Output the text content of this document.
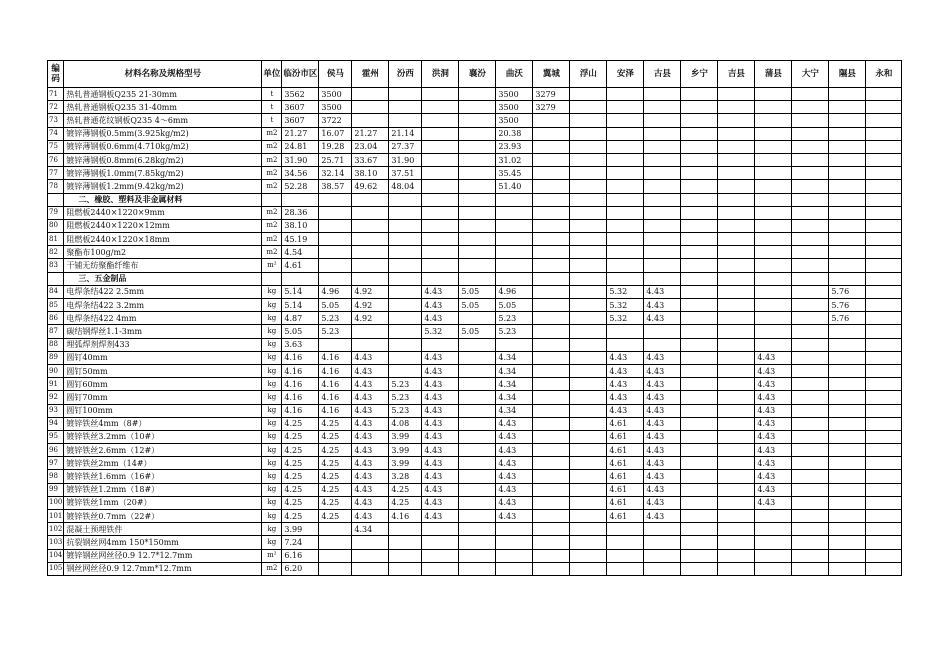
编码	材料名称及规格型号	单位	临汾市区	侯马	霍州	汾西	洪洞	襄汾	曲沃	翼城	浮山	安泽	古县	乡宁	吉县	蒲县	大宁	隰县	永和
71	热轧普通钢板Q235 21-30mm	t	3562	3500					3500	3279									
72	热轧普通钢板Q235 31-40mm	t	3607	3500					3500	3279									
73	热轧普通花纹钢板Q235 4～6mm	t	3607	3722					3500										
74	镀锌薄钢板0.5mm(3.925kg/m2)	m2	21.27	16.07	21.27	21.14			20.38										
75	镀锌薄钢板0.6mm(4.710kg/m2)	m2	24.81	19.28	23.04	27.37			23.93										
76	镀锌薄钢板0.8mm(6.28kg/m2)	m2	31.90	25.71	33.67	31.90			31.02										
77	镀锌薄钢板1.0mm(7.85kg/m2)	m2	34.56	32.14	38.10	37.51			35.45										
78	镀锌薄钢板1.2mm(9.42kg/m2)	m2	52.28	38.57	49.62	48.04			51.40										
	二、橡胶、塑料及非金属材料																		
79	阻燃板2440×1220×9mm	m2	28.36																
80	阻燃板2440×1220×12mm	m2	38.10																
81	阻燃板2440×1220×18mm	m2	45.19																
82	聚酯布100g/m2	m2	4.54																
83	干铺无纺聚酯纤维布	m²	4.61																
	三、五金制品																		
84	电焊条结422 2.5mm	kg	5.14	4.96	4.92		4.43	5.05	4.96			5.32	4.43					5.76	
85	电焊条结422 3.2mm	kg	5.14	5.05	4.92		4.43	5.05	5.05			5.32	4.43					5.76	
86	电焊条结422 4mm	kg	4.87	5.23	4.92		4.43		5.23			5.32	4.43					5.76	
87	碳结钢焊丝1.1-3mm	kg	5.05	5.23			5.32	5.05	5.23										
88	埋弧焊剂焊剂433	kg	3.63																
89	圆钉40mm	kg	4.16	4.16	4.43		4.43		4.34			4.43	4.43			4.43			
90	圆钉50mm	kg	4.16	4.16	4.43		4.43		4.34			4.43	4.43			4.43			
91	圆钉60mm	kg	4.16	4.16	4.43	5.23	4.43		4.34			4.43	4.43			4.43			
92	圆钉70mm	kg	4.16	4.16	4.43	5.23	4.43		4.34			4.43	4.43			4.43			
93	圆钉100mm	kg	4.16	4.16	4.43	5.23	4.43		4.34			4.43	4.43			4.43			
94	镀锌铁丝4mm（8#）	kg	4.25	4.25	4.43	4.08	4.43		4.43			4.61	4.43			4.43			
95	镀锌铁丝3.2mm（10#）	kg	4.25	4.25	4.43	3.99	4.43		4.43			4.61	4.43			4.43			
96	镀锌铁丝2.6mm（12#）	kg	4.25	4.25	4.43	3.99	4.43		4.43			4.61	4.43			4.43			
97	镀锌铁丝2mm（14#）	kg	4.25	4.25	4.43	3.99	4.43		4.43			4.61	4.43			4.43			
98	镀锌铁丝1.6mm（16#）	kg	4.25	4.25	4.43	3.28	4.43		4.43			4.61	4.43			4.43			
99	镀锌铁丝1.2mm（18#）	kg	4.25	4.25	4.43	4.25	4.43		4.43			4.61	4.43			4.43			
100	镀锌铁丝1mm（20#）	kg	4.25	4.25	4.43	4.25	4.43		4.43			4.61	4.43			4.43			
101	镀锌铁丝0.7mm（22#）	kg	4.25	4.25	4.43	4.16	4.43		4.43			4.61	4.43						
102	混凝土预埋铁件	kg	3.99		4.34														
103	抗裂钢丝网4mm 150*150mm	kg	7.24																
104	镀锌钢丝网丝径0.9 12.7*12.7mm	m²	6.16																
105	钢丝网丝径0.9 12.7mm*12.7mm	m2	6.20																
